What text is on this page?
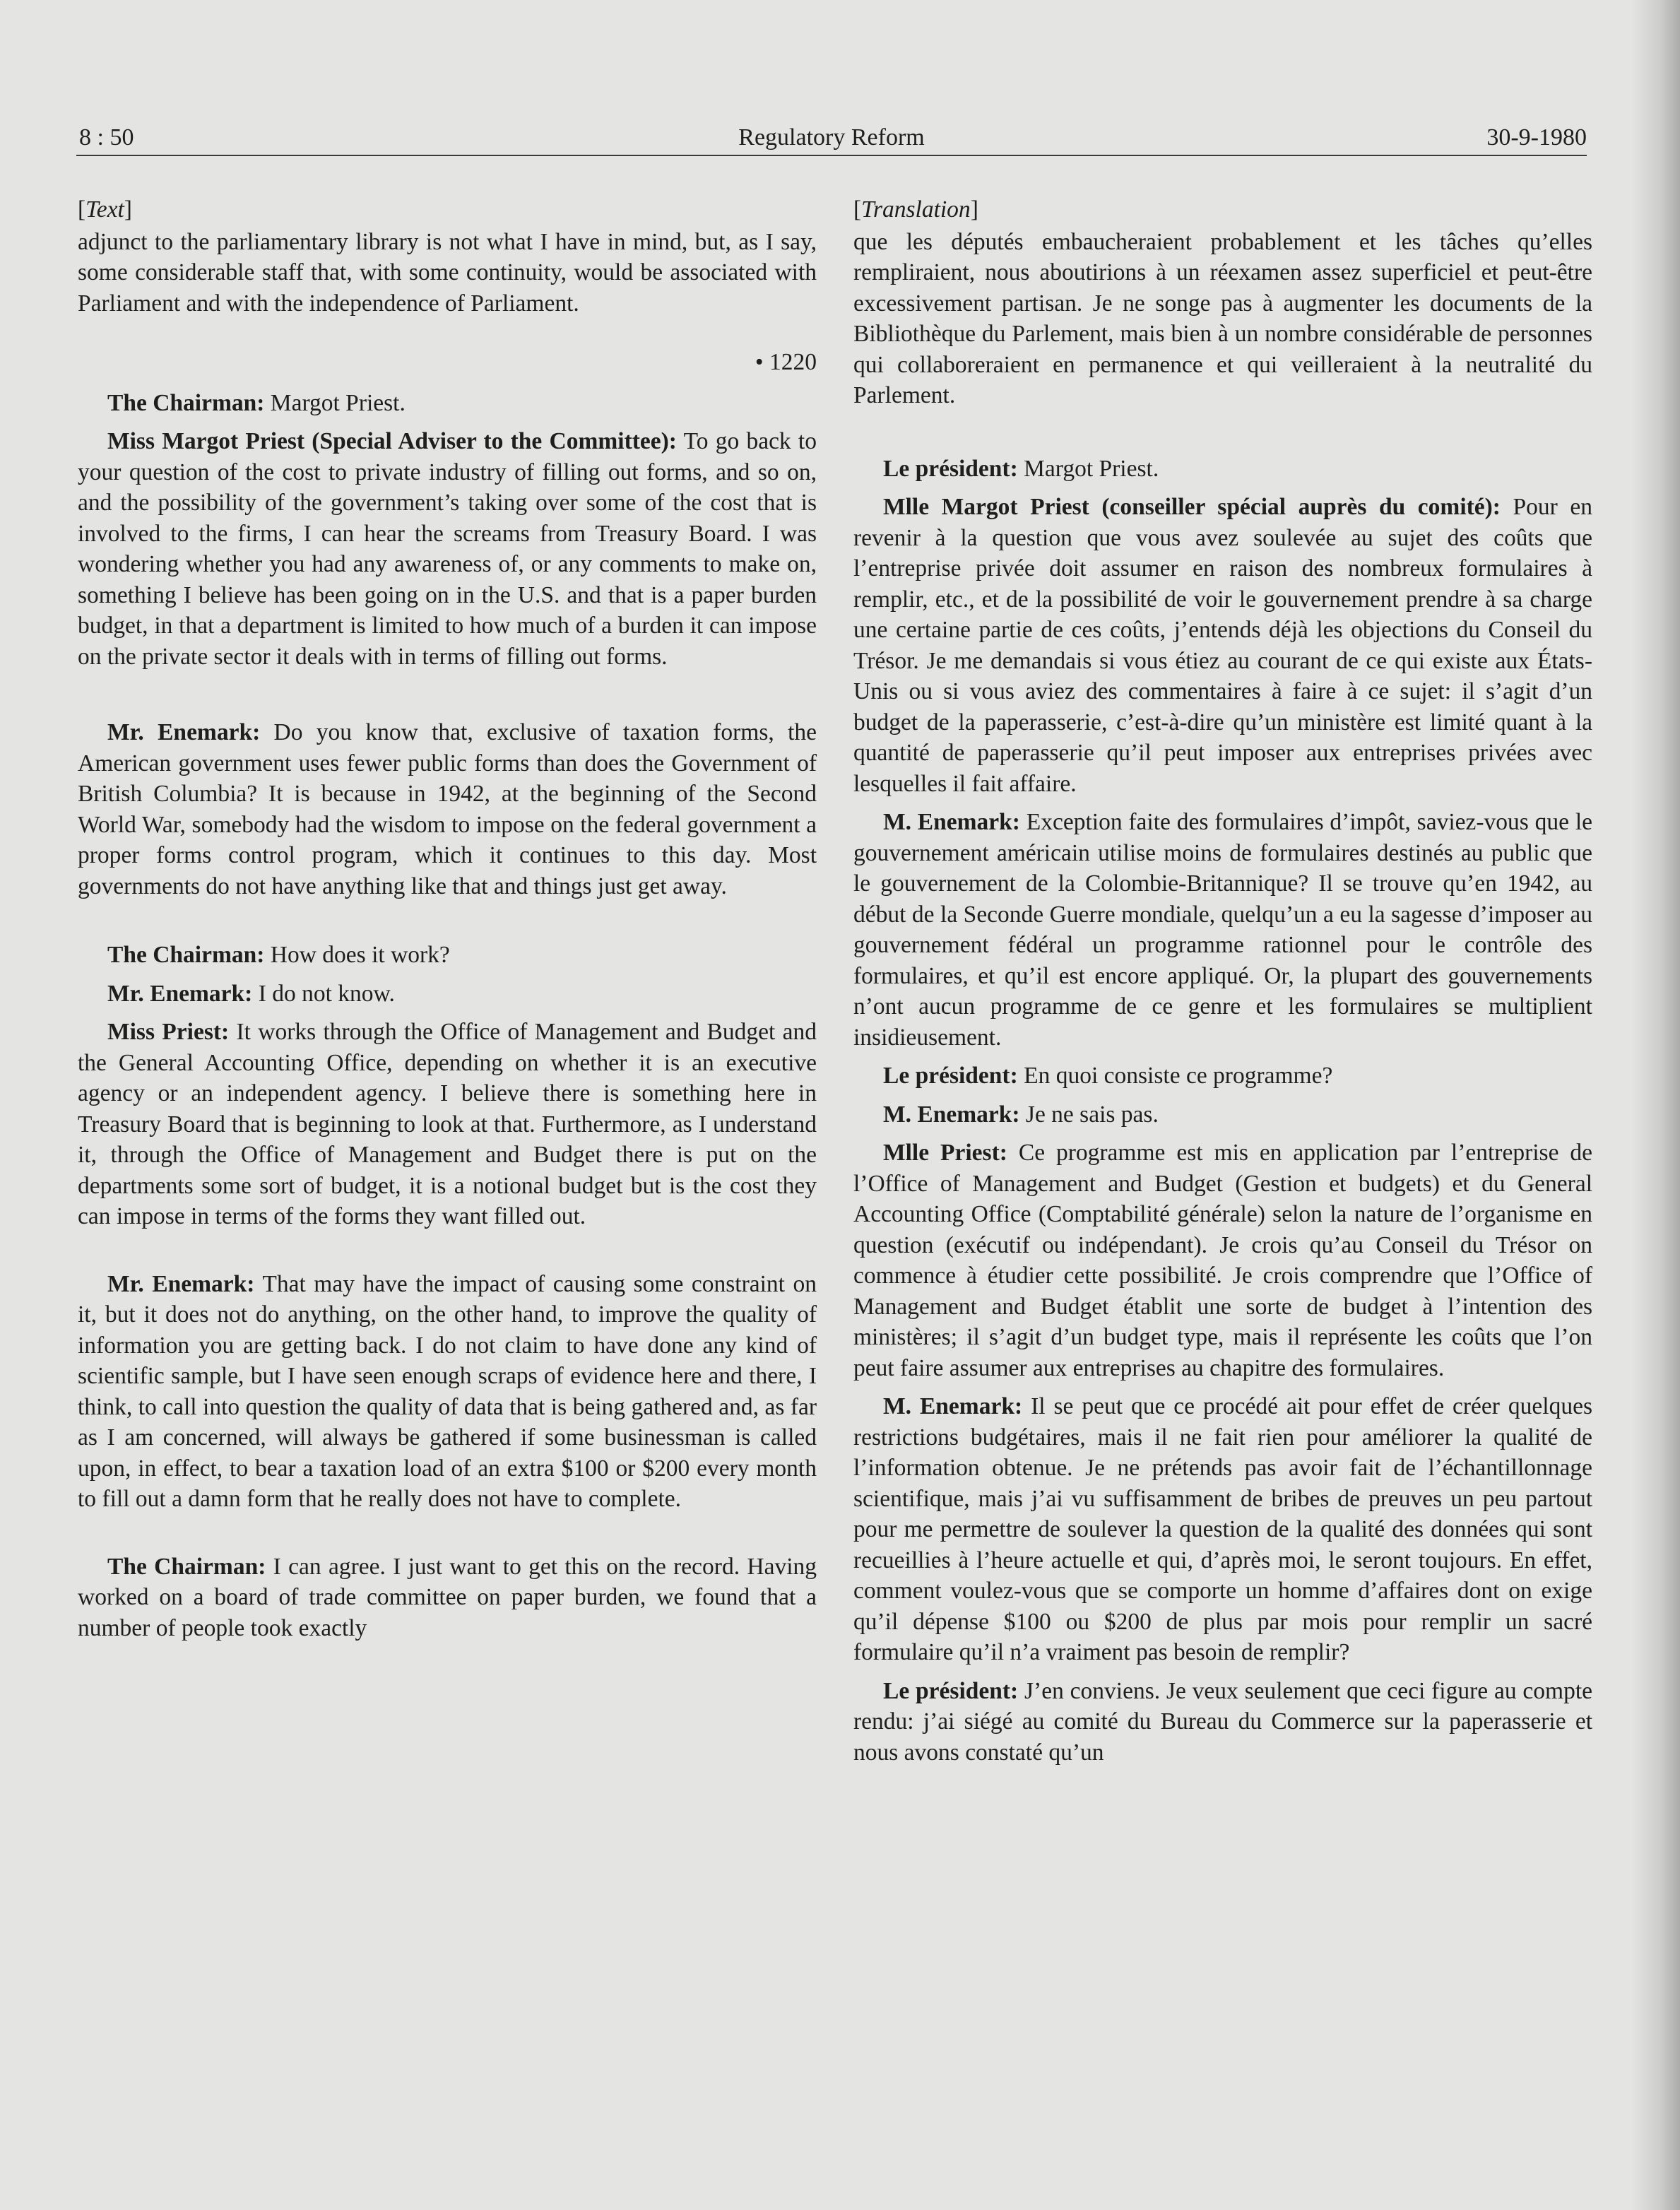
8 : 50	Regulatory Reform	30-9-1980

[Text]

adjunct to the parliamentary library is not what I have in mind, but, as I say, some considerable staff that, with some continuity, would be associated with Parliament and with the independence of Parliament.

• 1220

The Chairman: Margot Priest.

Miss Margot Priest (Special Adviser to the Committee): To go back to your question of the cost to private industry of filling out forms, and so on, and the possibility of the government’s taking over some of the cost that is involved to the firms, I can hear the screams from Treasury Board. I was wondering whether you had any awareness of, or any comments to make on, something I believe has been going on in the U.S. and that is a paper burden budget, in that a department is limited to how much of a burden it can impose on the private sector it deals with in terms of filling out forms.

Mr. Enemark: Do you know that, exclusive of taxation forms, the American government uses fewer public forms than does the Government of British Columbia? It is because in 1942, at the beginning of the Second World War, somebody had the wisdom to impose on the federal government a proper forms control program, which it continues to this day. Most governments do not have anything like that and things just get away.

The Chairman: How does it work?

Mr. Enemark: I do not know.

Miss Priest: It works through the Office of Management and Budget and the General Accounting Office, depending on whether it is an executive agency or an independent agency. I believe there is something here in Treasury Board that is beginning to look at that. Furthermore, as I understand it, through the Office of Management and Budget there is put on the departments some sort of budget, it is a notional budget but is the cost they can impose in terms of the forms they want filled out.

Mr. Enemark: That may have the impact of causing some constraint on it, but it does not do anything, on the other hand, to improve the quality of information you are getting back. I do not claim to have done any kind of scientific sample, but I have seen enough scraps of evidence here and there, I think, to call into question the quality of data that is being gathered and, as far as I am concerned, will always be gathered if some businessman is called upon, in effect, to bear a taxation load of an extra $100 or $200 every month to fill out a damn form that he really does not have to complete.

The Chairman: I can agree. I just want to get this on the record. Having worked on a board of trade committee on paper burden, we found that a number of people took exactly

[Translation]

que les députés embaucheraient probablement et les tâches qu’elles rempliraient, nous aboutirions à un réexamen assez superficiel et peut-être excessivement partisan. Je ne songe pas à augmenter les documents de la Bibliothèque du Parlement, mais bien à un nombre considérable de personnes qui collaboreraient en permanence et qui veilleraient à la neutralité du Parlement.

Le président: Margot Priest.

Mlle Margot Priest (conseiller spécial auprès du comité): Pour en revenir à la question que vous avez soulevée au sujet des coûts que l’entreprise privée doit assumer en raison des nombreux formulaires à remplir, etc., et de la possibilité de voir le gouvernement prendre à sa charge une certaine partie de ces coûts, j’entends déjà les objections du Conseil du Trésor. Je me demandais si vous étiez au courant de ce qui existe aux États-Unis ou si vous aviez des commentaires à faire à ce sujet: il s’agit d’un budget de la paperasserie, c’est-à-dire qu’un ministère est limité quant à la quantité de paperasserie qu’il peut imposer aux entreprises privées avec lesquelles il fait affaire.

M. Enemark: Exception faite des formulaires d’impôt, saviez-vous que le gouvernement américain utilise moins de formulaires destinés au public que le gouvernement de la Colombie-Britannique? Il se trouve qu’en 1942, au début de la Seconde Guerre mondiale, quelqu’un a eu la sagesse d’imposer au gouvernement fédéral un programme rationnel pour le contrôle des formulaires, et qu’il est encore appliqué. Or, la plupart des gouvernements n’ont aucun programme de ce genre et les formulaires se multiplient insidieusement.

Le président: En quoi consiste ce programme?

M. Enemark: Je ne sais pas.

Mlle Priest: Ce programme est mis en application par l’entreprise de l’Office of Management and Budget (Gestion et budgets) et du General Accounting Office (Comptabilité générale) selon la nature de l’organisme en question (exécutif ou indépendant). Je crois qu’au Conseil du Trésor on commence à étudier cette possibilité. Je crois comprendre que l’Office of Management and Budget établit une sorte de budget à l’intention des ministères; il s’agit d’un budget type, mais il représente les coûts que l’on peut faire assumer aux entreprises au chapitre des formulaires.

M. Enemark: Il se peut que ce procédé ait pour effet de créer quelques restrictions budgétaires, mais il ne fait rien pour améliorer la qualité de l’information obtenue. Je ne prétends pas avoir fait de l’échantillonnage scientifique, mais j’ai vu suffisamment de bribes de preuves un peu partout pour me permettre de soulever la question de la qualité des données qui sont recueillies à l’heure actuelle et qui, d’après moi, le seront toujours. En effet, comment voulez-vous que se comporte un homme d’affaires dont on exige qu’il dépense $100 ou $200 de plus par mois pour remplir un sacré formulaire qu’il n’a vraiment pas besoin de remplir?

Le président: J’en conviens. Je veux seulement que ceci figure au compte rendu: j’ai siégé au comité du Bureau du Commerce sur la paperasserie et nous avons constaté qu’un
